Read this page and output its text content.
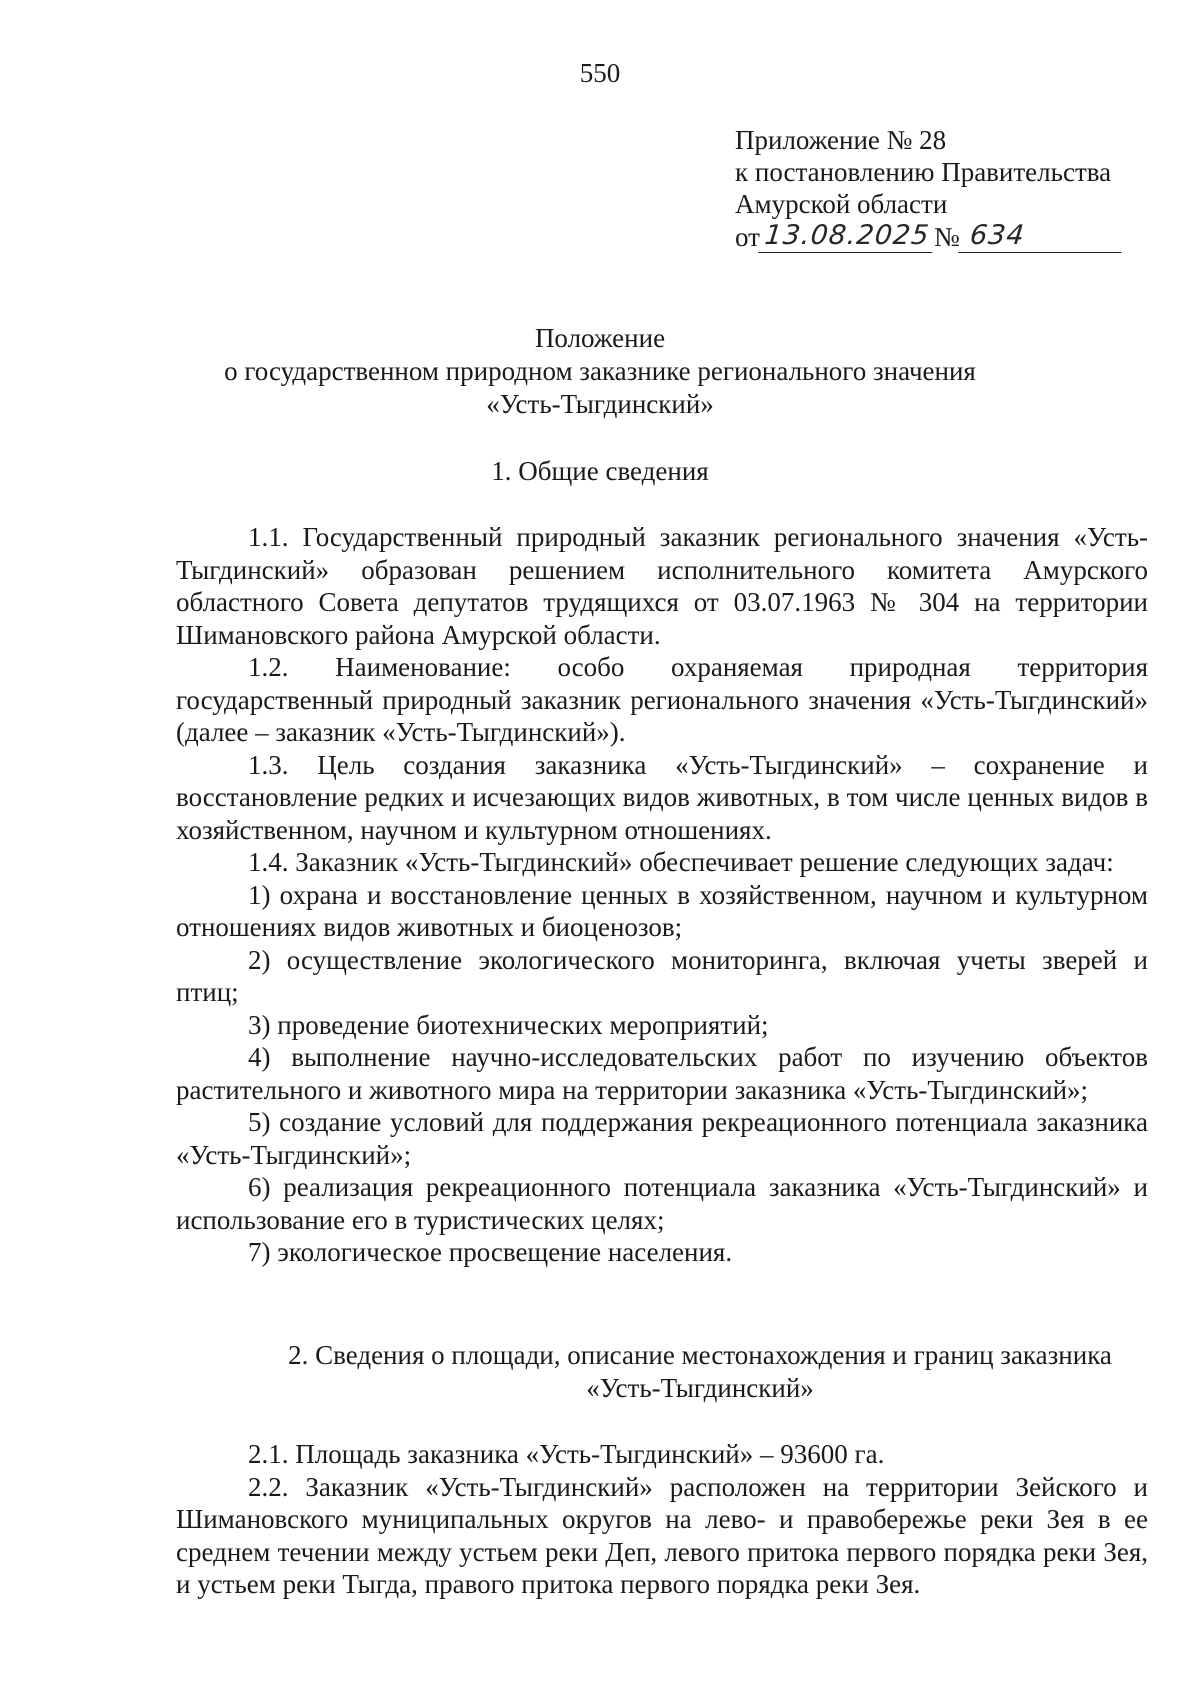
550
Приложение № 28
к постановлению Правительства
Амурской области
от 13.08.2025 № 634
Положение
о государственном природном заказнике регионального значения
«Усть-Тыгдинский»
1. Общие сведения

1.1. Государственный природный заказник регионального значения «Усть-Тыгдинский» образован решением исполнительного комитета Амурского областного Совета депутатов трудящихся от 03.07.1963 № 304 на территории Шимановского района Амурской области.

1.2. Наименование: особо охраняемая природная территория государственный природный заказник регионального значения «Усть-Тыгдинский» (далее – заказник «Усть-Тыгдинский»).

1.3. Цель создания заказника «Усть-Тыгдинский» – сохранение и восстановление редких и исчезающих видов животных, в том числе ценных видов в хозяйственном, научном и культурном отношениях.

1.4. Заказник «Усть-Тыгдинский» обеспечивает решение следующих задач:

1) охрана и восстановление ценных в хозяйственном, научном и культурном отношениях видов животных и биоценозов;

2) осуществление экологического мониторинга, включая учеты зверей и птиц;

3) проведение биотехнических мероприятий;

4) выполнение научно-исследовательских работ по изучению объектов растительного и животного мира на территории заказника «Усть-Тыгдинский»;

5) создание условий для поддержания рекреационного потенциала заказника «Усть-Тыгдинский»;

6) реализация рекреационного потенциала заказника «Усть-Тыгдинский» и использование его в туристических целях;

7) экологическое просвещение населения.

2. Сведения о площади, описание местонахождения и границ заказника
«Усть-Тыгдинский»

2.1. Площадь заказника «Усть-Тыгдинский» – 93600 га.

2.2. Заказник «Усть-Тыгдинский» расположен на территории Зейского и Шимановского муниципальных округов на лево- и правобережье реки Зея в ее среднем течении между устьем реки Деп, левого притока первого порядка реки Зея, и устьем реки Тыгда, правого притока первого порядка реки Зея.
